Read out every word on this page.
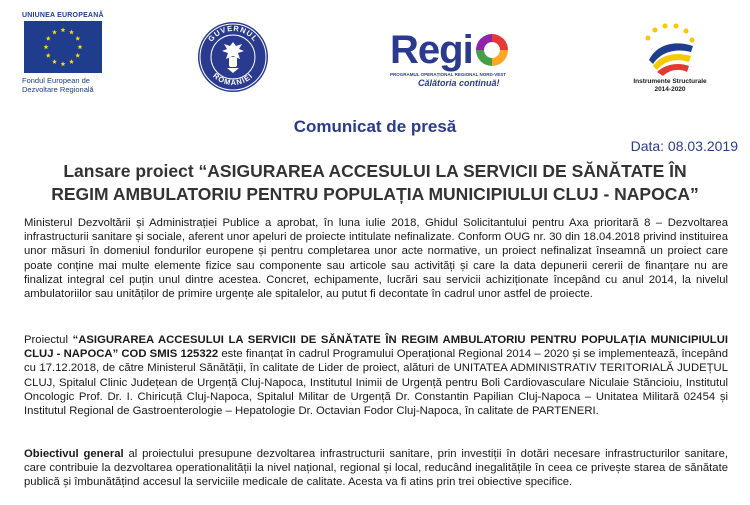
UNIUNEA EUROPEANĂ
Fondul European de
Dezvoltare Regională
GUVERNUL
ROMÂNIEI
Regi
PROGRAMUL OPERAȚIONAL REGIONAL NORD-VEST
Călătoria continuă!	Instrumente Structurale
2014-2020
Comunicat de presă
Data: 08.03.2019
Lansare proiect “ASIGURAREA ACCESULUI LA SERVICII DE SĂNĂTATE ÎN
REGIM AMBULATORIU PENTRU POPULAȚIA MUNICIPIULUI CLUJ - NAPOCA”
Ministerul Dezvoltării și Administrației Publice a aprobat, în luna iulie 2018, Ghidul Solicitantului pentru Axa prioritară 8 – Dezvoltarea infrastructurii sanitare și sociale, aferent unor apeluri de proiecte intitulate nefinalizate. Conform OUG nr. 30 din 18.04.2018 privind instituirea unor măsuri în domeniul fondurilor europene și pentru completarea unor acte normative, un proiect nefinalizat înseamnă un proiect care poate conține mai multe elemente fizice sau componente sau articole sau activități și care la data depunerii cererii de finanțare nu are finalizat integral cel puțin unul dintre acestea. Concret, echipamente, lucrări sau servicii achiziționate începând cu anul 2014, la nivelul ambulatoriilor sau unităților de primire urgențe ale spitalelor, au putut fi decontate în cadrul unor astfel de proiecte.
Proiectul “ASIGURAREA ACCESULUI LA SERVICII DE SĂNĂTATE ÎN REGIM AMBULATORIU PENTRU POPULAȚIA MUNICIPIULUI CLUJ - NAPOCA” COD SMIS 125322 este finanțat în cadrul Programului Operațional Regional 2014 – 2020 și se implementează, începând cu 17.12.2018, de către Ministerul Sănătății, în calitate de Lider de proiect, alături de UNITATEA ADMINISTRATIV TERITORIALĂ JUDEȚUL CLUJ, Spitalul Clinic Județean de Urgență Cluj-Napoca, Institutul Inimii de Urgență pentru Boli Cardiovasculare Niculaie Stăncioiu, Institutul Oncologic Prof. Dr. I. Chiricuță Cluj-Napoca, Spitalul Militar de Urgență Dr. Constantin Papilian Cluj-Napoca – Unitatea Militară 02454 și Institutul Regional de Gastroenterologie – Hepatologie Dr. Octavian Fodor Cluj-Napoca, în calitate de PARTENERI.
Obiectivul general al proiectului presupune dezvoltarea infrastructurii sanitare, prin investiții în dotări necesare infrastructurilor sanitare, care contribuie la dezvoltarea operationalității la nivel național, regional și local, reducând inegalitățile în ceea ce privește starea de sănătate publică și îmbunătățind accesul la serviciile medicale de calitate. Acesta va fi atins prin trei obiective specifice.
